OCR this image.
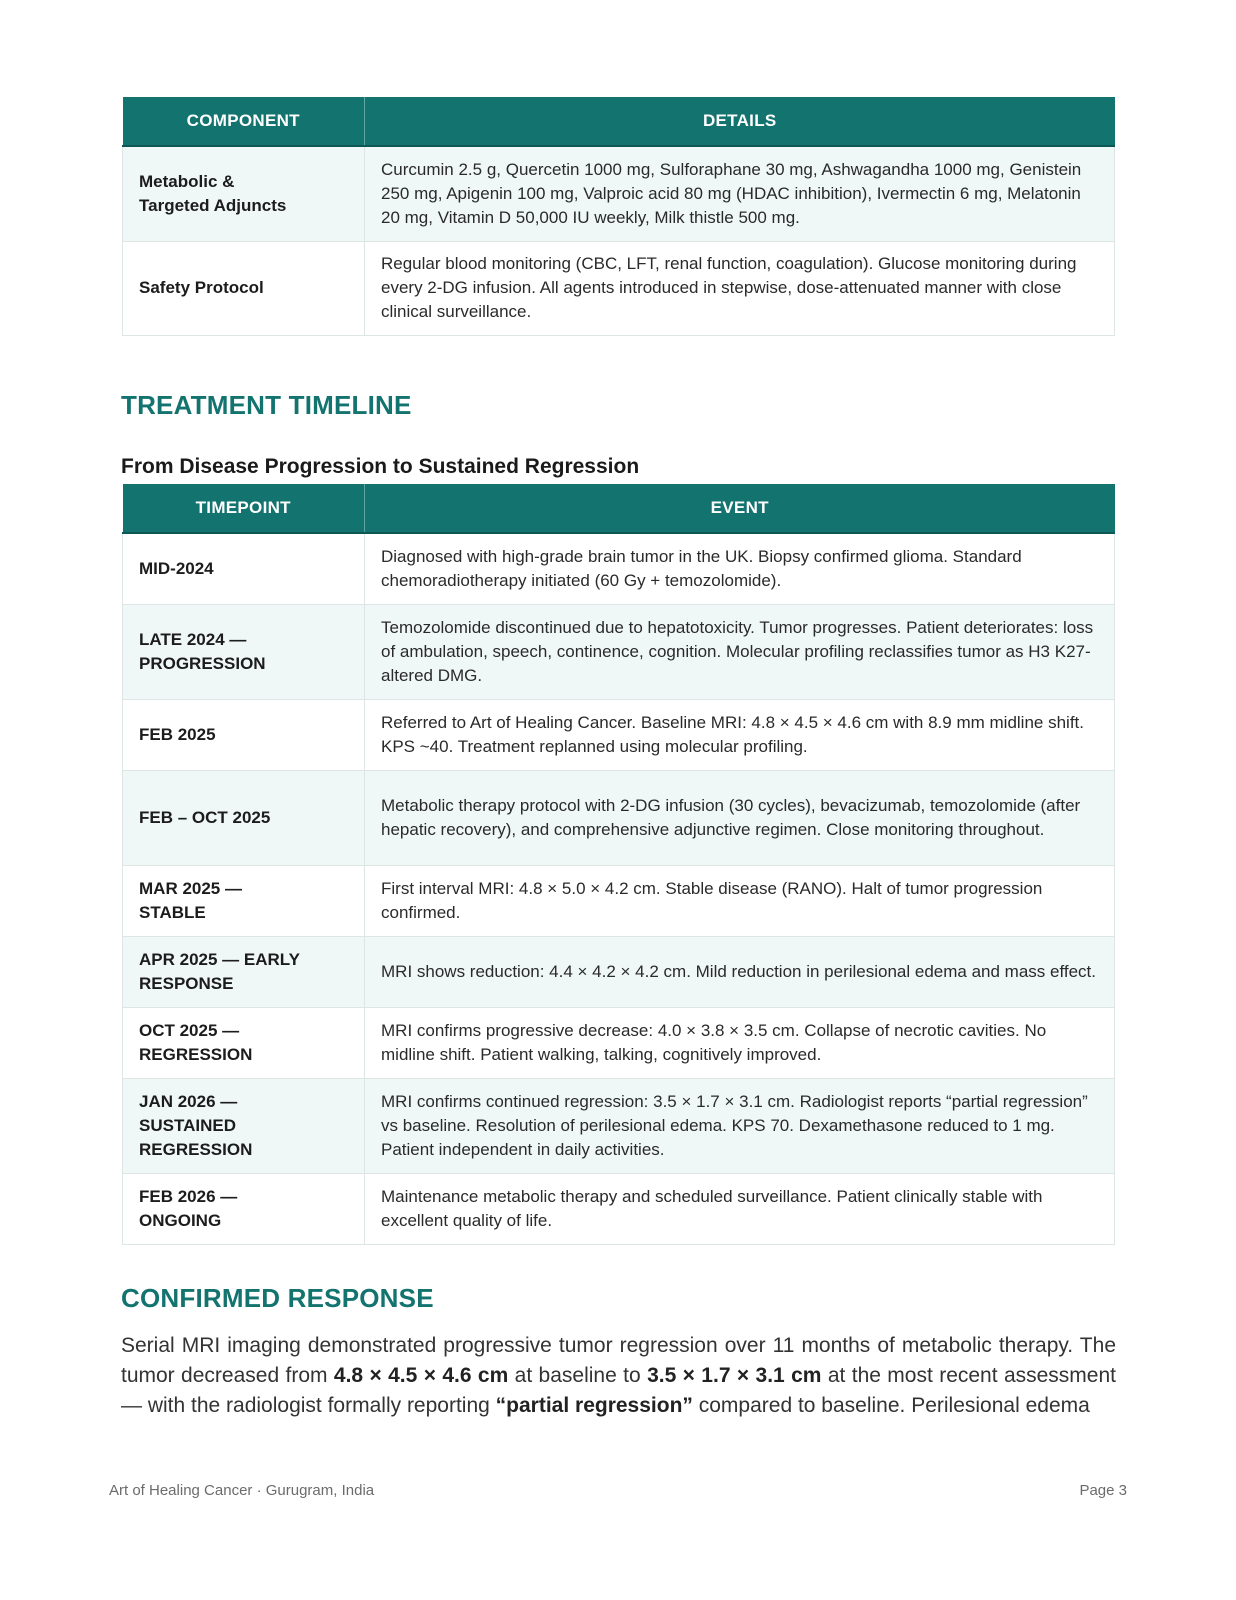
COMPONENT	DETAILS
Metabolic & Targeted Adjuncts	Curcumin 2.5 g, Quercetin 1000 mg, Sulforaphane 30 mg, Ashwagandha 1000 mg, Genistein 250 mg, Apigenin 100 mg, Valproic acid 80 mg (HDAC inhibition), Ivermectin 6 mg, Melatonin 20 mg, Vitamin D 50,000 IU weekly, Milk thistle 500 mg.
Safety Protocol	Regular blood monitoring (CBC, LFT, renal function, coagulation). Glucose monitoring during every 2-DG infusion. All agents introduced in stepwise, dose-attenuated manner with close clinical surveillance.
TREATMENT TIMELINE
From Disease Progression to Sustained Regression
TIMEPOINT	EVENT
MID-2024	Diagnosed with high-grade brain tumor in the UK. Biopsy confirmed glioma. Standard chemoradiotherapy initiated (60 Gy + temozolomide).
LATE 2024 — PROGRESSION	Temozolomide discontinued due to hepatotoxicity. Tumor progresses. Patient deteriorates: loss of ambulation, speech, continence, cognition. Molecular profiling reclassifies tumor as H3 K27-altered DMG.
FEB 2025	Referred to Art of Healing Cancer. Baseline MRI: 4.8 × 4.5 × 4.6 cm with 8.9 mm midline shift. KPS ~40. Treatment replanned using molecular profiling.
FEB – OCT 2025	Metabolic therapy protocol with 2-DG infusion (30 cycles), bevacizumab, temozolomide (after hepatic recovery), and comprehensive adjunctive regimen. Close monitoring throughout.
MAR 2025 — STABLE	First interval MRI: 4.8 × 5.0 × 4.2 cm. Stable disease (RANO). Halt of tumor progression confirmed.
APR 2025 — EARLY RESPONSE	MRI shows reduction: 4.4 × 4.2 × 4.2 cm. Mild reduction in perilesional edema and mass effect.
OCT 2025 — REGRESSION	MRI confirms progressive decrease: 4.0 × 3.8 × 3.5 cm. Collapse of necrotic cavities. No midline shift. Patient walking, talking, cognitively improved.
JAN 2026 — SUSTAINED REGRESSION	MRI confirms continued regression: 3.5 × 1.7 × 3.1 cm. Radiologist reports “partial regression” vs baseline. Resolution of perilesional edema. KPS 70. Dexamethasone reduced to 1 mg. Patient independent in daily activities.
FEB 2026 — ONGOING	Maintenance metabolic therapy and scheduled surveillance. Patient clinically stable with excellent quality of life.
CONFIRMED RESPONSE

Serial MRI imaging demonstrated progressive tumor regression over 11 months of metabolic therapy. The tumor decreased from 4.8 × 4.5 × 4.6 cm at baseline to 3.5 × 1.7 × 3.1 cm at the most recent assessment — with the radiologist formally reporting “partial regression” compared to baseline. Perilesional edema

Art of Healing Cancer · Gurugram, India	Page 3
